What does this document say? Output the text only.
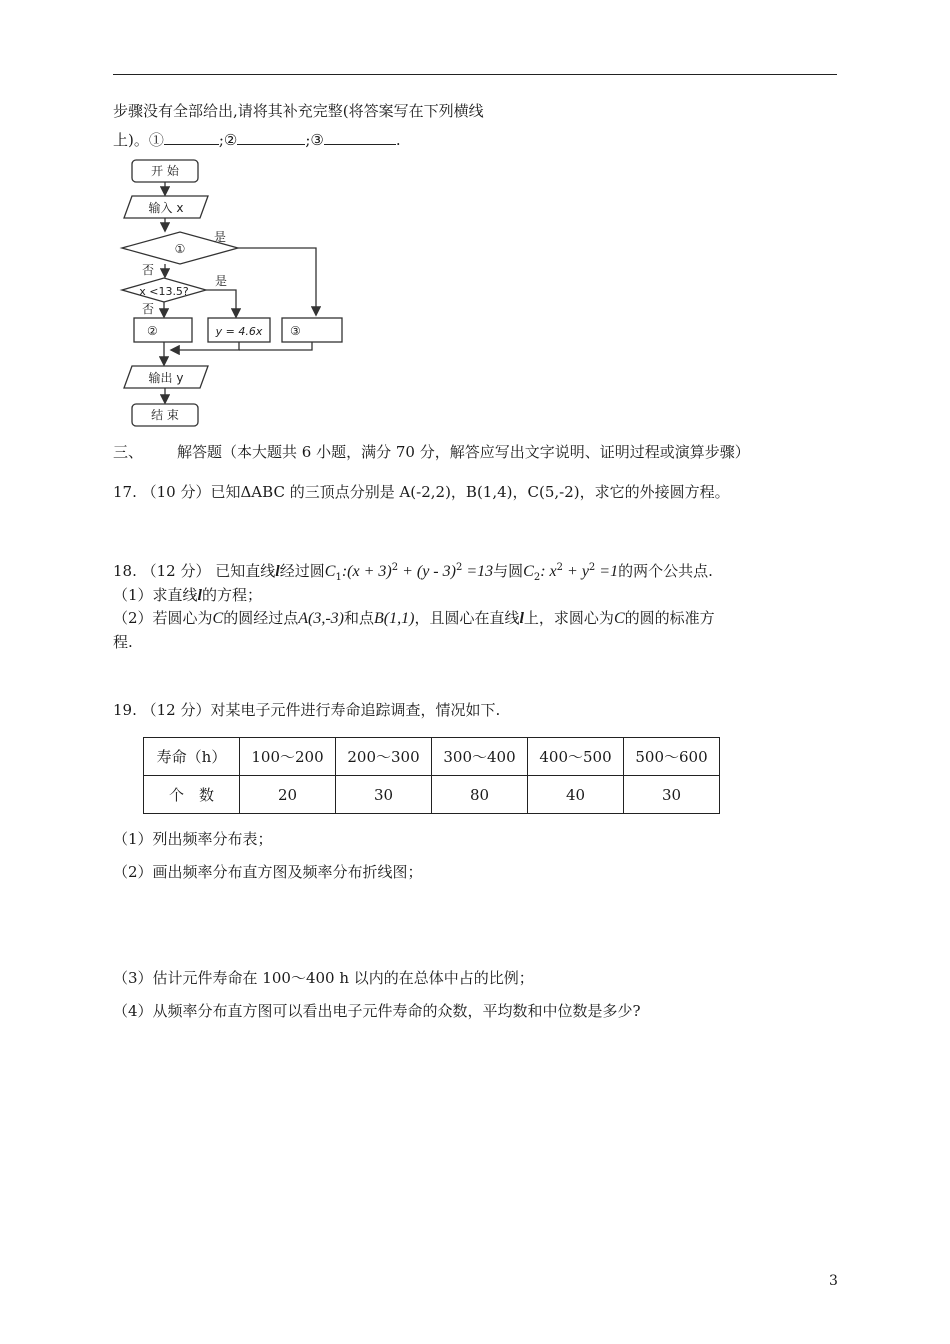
步骤没有全部给出,请将其补充完整(将答案写在下列横线
上)。①	;②	;③	.
开 始
输入 x
①
是
否
x <13.5?
是
否
②	y = 4.6x ③
输出 y
结 束
三、 解答题（本大题共 6 小题，满分 70 分，解答应写出文字说明、证明过程或演算步骤）
17. （10 分）已知ΔABC 的三顶点分别是 A(-2,2)，B(1,4)，C(5,-2)，求它的外接圆方程。
18. （12 分） 已知直线l经过圆$C_1:(x + 3)^2 + (y - 3)^2 =13$与圆$C_2$: $x^2 + y^2 =1$的两个公共点.
（1）求直线l的方程；
（2）若圆心为C的圆经过点A(3,-3)和点B(1,1)，且圆心在直线l上，求圆心为C的圆的标准方
程.
19. （12 分）对某电子元件进行寿命追踪调查，情况如下.
寿命（h）	100～200	200～300	300～400	400～500	500～600
个　数	20	30	80	40	30
（1）列出频率分布表；
（2）画出频率分布直方图及频率分布折线图；
（3）估计元件寿命在 100～400 h 以内的在总体中占的比例；
（4）从频率分布直方图可以看出电子元件寿命的众数，平均数和中位数是多少?
3
